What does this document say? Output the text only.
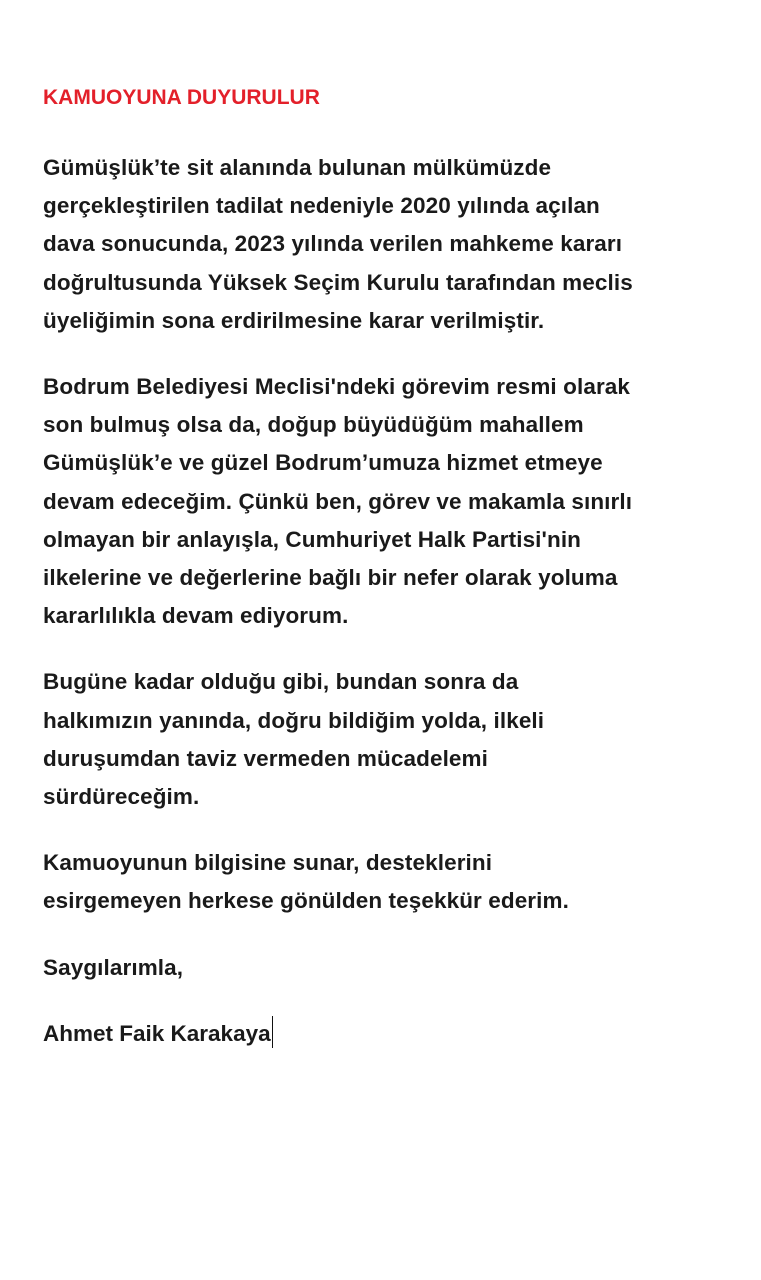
KAMUOYUNA DUYURULUR
Gümüşlük’te sit alanında bulunan mülkümüzde
gerçekleştirilen tadilat nedeniyle 2020 yılında açılan
dava sonucunda, 2023 yılında verilen mahkeme kararı
doğrultusunda Yüksek Seçim Kurulu tarafından meclis
üyeliğimin sona erdirilmesine karar verilmiştir.
Bodrum Belediyesi Meclisi'ndeki görevim resmi olarak
son bulmuş olsa da, doğup büyüdüğüm mahallem
Gümüşlük’e ve güzel Bodrum’umuza hizmet etmeye
devam edeceğim. Çünkü ben, görev ve makamla sınırlı
olmayan bir anlayışla, Cumhuriyet Halk Partisi'nin
ilkelerine ve değerlerine bağlı bir nefer olarak yoluma
kararlılıkla devam ediyorum.
Bugüne kadar olduğu gibi, bundan sonra da
halkımızın yanında, doğru bildiğim yolda, ilkeli
duruşumdan taviz vermeden mücadelemi
sürdüreceğim.
Kamuoyunun bilgisine sunar, desteklerini
esirgemeyen herkese gönülden teşekkür ederim.
Saygılarımla,
Ahmet Faik Karakaya
